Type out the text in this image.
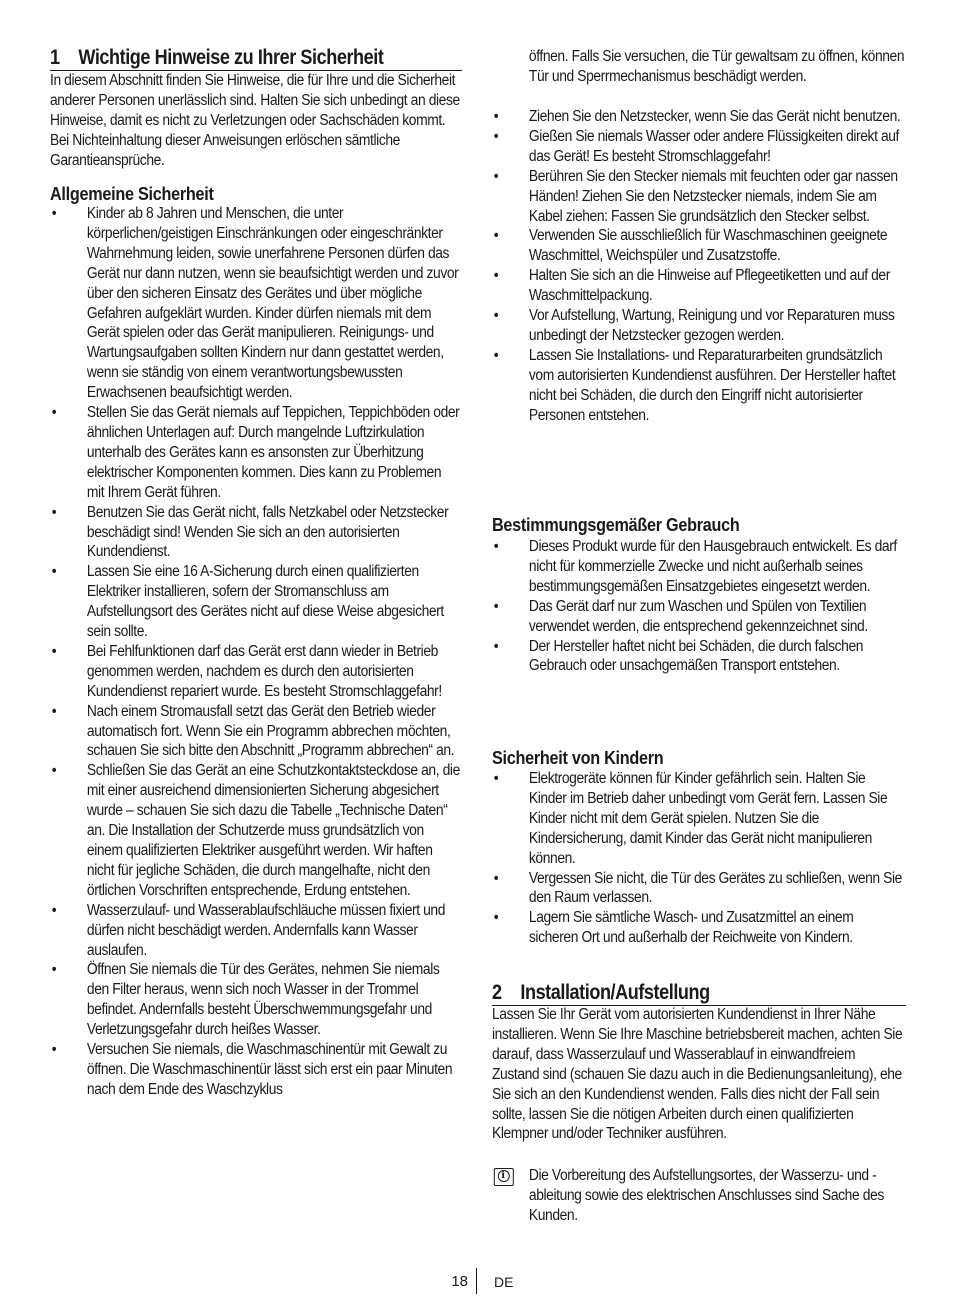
1 Wichtige Hinweise zu Ihrer Sicherheit
In diesem Abschnitt finden Sie Hinweise, die für Ihre und die Sicherheit anderer Personen unerlässlich sind. Halten Sie sich unbedingt an diese Hinweise, damit es nicht zu Verletzungen oder Sachschäden kommt. Bei Nichteinhaltung dieser Anweisungen erlöschen sämtliche Garantieansprüche.
Allgemeine Sicherheit
• Kinder ab 8 Jahren und Menschen, die unter körperlichen/geistigen Einschränkungen oder eingeschränkter Wahrnehmung leiden, sowie unerfahrene Personen dürfen das Gerät nur dann nutzen, wenn sie beaufsichtigt werden und zuvor über den sicheren Einsatz des Gerätes und über mögliche Gefahren aufgeklärt wurden. Kinder dürfen niemals mit dem Gerät spielen oder das Gerät manipulieren. Reinigungs- und Wartungsaufgaben sollten Kindern nur dann gestattet werden, wenn sie ständig von einem verantwortungsbewussten Erwachsenen beaufsichtigt werden.
• Stellen Sie das Gerät niemals auf Teppichen, Teppichböden oder ähnlichen Unterlagen auf: Durch mangelnde Luftzirkulation unterhalb des Gerätes kann es ansonsten zur Überhitzung elektrischer Komponenten kommen. Dies kann zu Problemen mit Ihrem Gerät führen.
• Benutzen Sie das Gerät nicht, falls Netzkabel oder Netzstecker beschädigt sind! Wenden Sie sich an den autorisierten Kundendienst.
• Lassen Sie eine 16 A-Sicherung durch einen qualifizierten Elektriker installieren, sofern der Stromanschluss am Aufstellungsort des Gerätes nicht auf diese Weise abgesichert sein sollte.
• Bei Fehlfunktionen darf das Gerät erst dann wieder in Betrieb genommen werden, nachdem es durch den autorisierten Kundendienst repariert wurde. Es besteht Stromschlaggefahr!
• Nach einem Stromausfall setzt das Gerät den Betrieb wieder automatisch fort. Wenn Sie ein Programm abbrechen möchten, schauen Sie sich bitte den Abschnitt „Programm abbrechen“ an.
• Schließen Sie das Gerät an eine Schutzkontaktsteckdose an, die mit einer ausreichend dimensionierten Sicherung abgesichert wurde – schauen Sie sich dazu die Tabelle „Technische Daten“ an. Die Installation der Schutzerde muss grundsätzlich von einem qualifizierten Elektriker ausgeführt werden. Wir haften nicht für jegliche Schäden, die durch mangelhafte, nicht den örtlichen Vorschriften entsprechende, Erdung entstehen.
• Wasserzulauf- und Wasserablaufschläuche müssen fixiert und dürfen nicht beschädigt werden. Andernfalls kann Wasser auslaufen.
• Öffnen Sie niemals die Tür des Gerätes, nehmen Sie niemals den Filter heraus, wenn sich noch Wasser in der Trommel befindet. Andernfalls besteht Überschwemmungsgefahr und Verletzungsgefahr durch heißes Wasser.
• Versuchen Sie niemals, die Waschmaschinentür mit Gewalt zu öffnen. Die Waschmaschinentür lässt sich erst ein paar Minuten nach dem Ende des Waschzyklus
öffnen. Falls Sie versuchen, die Tür gewaltsam zu öffnen, können Tür und Sperrmechanismus beschädigt werden.
• Ziehen Sie den Netzstecker, wenn Sie das Gerät nicht benutzen.
• Gießen Sie niemals Wasser oder andere Flüssigkeiten direkt auf das Gerät! Es besteht Stromschlaggefahr!
• Berühren Sie den Stecker niemals mit feuchten oder gar nassen Händen! Ziehen Sie den Netzstecker niemals, indem Sie am Kabel ziehen: Fassen Sie grundsätzlich den Stecker selbst.
• Verwenden Sie ausschließlich für Waschmaschinen geeignete Waschmittel, Weichspüler und Zusatzstoffe.
• Halten Sie sich an die Hinweise auf Pflegeetiketten und auf der Waschmittelpackung.
• Vor Aufstellung, Wartung, Reinigung und vor Reparaturen muss unbedingt der Netzstecker gezogen werden.
• Lassen Sie Installations- und Reparaturarbeiten grundsätzlich vom autorisierten Kundendienst ausführen. Der Hersteller haftet nicht bei Schäden, die durch den Eingriff nicht autorisierter Personen entstehen.
Bestimmungsgemäßer Gebrauch
• Dieses Produkt wurde für den Hausgebrauch entwickelt. Es darf nicht für kommerzielle Zwecke und nicht außerhalb seines bestimmungsgemäßen Einsatzgebietes eingesetzt werden.
• Das Gerät darf nur zum Waschen und Spülen von Textilien verwendet werden, die entsprechend gekennzeichnet sind.
• Der Hersteller haftet nicht bei Schäden, die durch falschen Gebrauch oder unsachgemäßen Transport entstehen.
Sicherheit von Kindern
• Elektrogeräte können für Kinder gefährlich sein. Halten Sie Kinder im Betrieb daher unbedingt vom Gerät fern. Lassen Sie Kinder nicht mit dem Gerät spielen. Nutzen Sie die Kindersicherung, damit Kinder das Gerät nicht manipulieren können.
• Vergessen Sie nicht, die Tür des Gerätes zu schließen, wenn Sie den Raum verlassen.
• Lagern Sie sämtliche Wasch- und Zusatzmittel an einem sicheren Ort und außerhalb der Reichweite von Kindern.
2 Installation/Aufstellung
Lassen Sie Ihr Gerät vom autorisierten Kundendienst in Ihrer Nähe installieren. Wenn Sie Ihre Maschine betriebsbereit machen, achten Sie darauf, dass Wasserzulauf und Wasserablauf in einwandfreiem Zustand sind (schauen Sie dazu auch in die Bedienungsanleitung), ehe Sie sich an den Kundendienst wenden. Falls dies nicht der Fall sein sollte, lassen Sie die nötigen Arbeiten durch einen qualifizierten Klempner und/oder Techniker ausführen.
i
Die Vorbereitung des Aufstellungsortes, der Wasserzu- und -ableitung sowie des elektrischen Anschlusses sind Sache des Kunden.
18 DE
